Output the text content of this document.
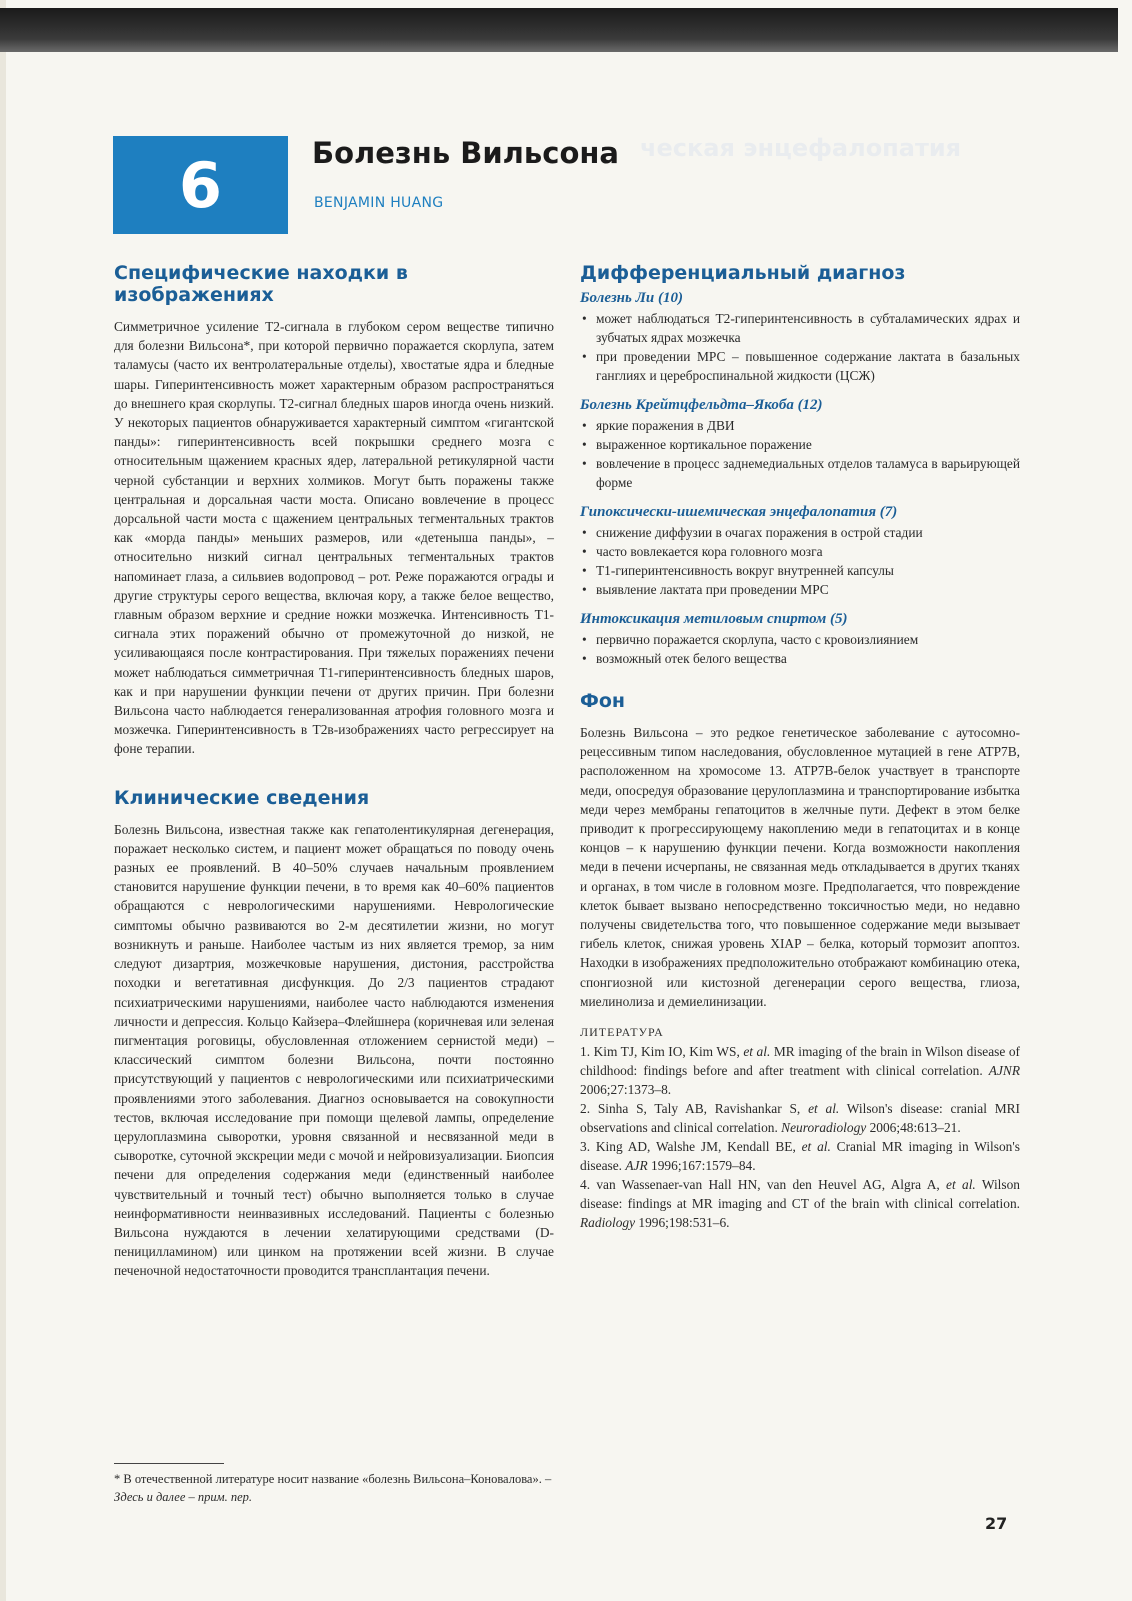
ческая энцефалопатия
6	Болезнь Вильсона
BENJAMIN HUANG
Специфические находки в изображениях

Симметричное усиление Т2-сигнала в глубоком сером веществе типично для болезни Вильсона*, при которой первично поражается скорлупа, затем таламусы (часто их вентролатеральные отделы), хвостатые ядра и бледные шары. Гиперинтенсивность может характерным образом распространяться до внешнего края скорлупы. Т2-сигнал бледных шаров иногда очень низкий. У некоторых пациентов обнаруживается характерный симптом «гигантской панды»: гиперинтенсивность всей покрышки среднего мозга с относительным щажением красных ядер, латеральной ретикулярной части черной субстанции и верхних холмиков. Могут быть поражены также центральная и дорсальная части моста. Описано вовлечение в процесс дорсальной части моста с щажением центральных тегментальных трактов как «морда панды» меньших размеров, или «детеныша панды», – относительно низкий сигнал центральных тегментальных трактов напоминает глаза, а сильвиев водопровод – рот. Реже поражаются ограды и другие структуры серого вещества, включая кору, а также белое вещество, главным образом верхние и средние ножки мозжечка. Интенсивность Т1-сигнала этих поражений обычно от промежуточной до низкой, не усиливающаяся после контрастирования. При тяжелых поражениях печени может наблюдаться симметричная Т1-гиперинтенсивность бледных шаров, как и при нарушении функции печени от других причин. При болезни Вильсона часто наблюдается генерализованная атрофия головного мозга и мозжечка. Гиперинтенсивность в Т2в-изображениях часто регрессирует на фоне терапии.

Клинические сведения

Болезнь Вильсона, известная также как гепатолентикулярная дегенерация, поражает несколько систем, и пациент может обращаться по поводу очень разных ее проявлений. В 40–50% случаев начальным проявлением становится нарушение функции печени, в то время как 40–60% пациентов обращаются с неврологическими нарушениями. Неврологические симптомы обычно развиваются во 2-м десятилетии жизни, но могут возникнуть и раньше. Наиболее частым из них является тремор, за ним следуют дизартрия, мозжечковые нарушения, дистония, расстройства походки и вегетативная дисфункция. До 2/3 пациентов страдают психиатрическими нарушениями, наиболее часто наблюдаются изменения личности и депрессия. Кольцо Кайзера–Флейшнера (коричневая или зеленая пигментация роговицы, обусловленная отложением сернистой меди) – классический симптом болезни Вильсона, почти постоянно присутствующий у пациентов с неврологическими или психиатрическими проявлениями этого заболевания. Диагноз основывается на совокупности тестов, включая исследование при помощи щелевой лампы, определение церулоплазмина сыворотки, уровня связанной и несвязанной меди в сыворотке, суточной экскреции меди с мочой и нейровизуализации. Биопсия печени для определения содержания меди (единственный наиболее чувствительный и точный тест) обычно выполняется только в случае неинформативности неинвазивных исследований. Пациенты с болезнью Вильсона нуждаются в лечении хелатирующими средствами (D-пеницилламином) или цинком на протяжении всей жизни. В случае печеночной недостаточности проводится трансплантация печени.

Дифференциальный диагноз
Болезнь Ли (10)
• может наблюдаться Т2-гиперинтенсивность в субталамических ядрах и зубчатых ядрах мозжечка
• при проведении МРС – повышенное содержание лактата в базальных ганглиях и цереброспинальной жидкости (ЦСЖ)
Болезнь Крейтцфельдта–Якоба (12)
• яркие поражения в ДВИ
• выраженное кортикальное поражение
• вовлечение в процесс заднемедиальных отделов таламуса в варьирующей форме
Гипоксически-ишемическая энцефалопатия (7)
• снижение диффузии в очагах поражения в острой стадии
• часто вовлекается кора головного мозга
• Т1-гиперинтенсивность вокруг внутренней капсулы
• выявление лактата при проведении МРС
Интоксикация метиловым спиртом (5)
• первично поражается скорлупа, часто с кровоизлиянием
• возможный отек белого вещества
Фон

Болезнь Вильсона – это редкое генетическое заболевание с аутосомно-рецессивным типом наследования, обусловленное мутацией в гене ATP7B, расположенном на хромосоме 13. АТР7В-белок участвует в транспорте меди, опосредуя образование церулоплазмина и транспортирование избытка меди через мембраны гепатоцитов в желчные пути. Дефект в этом белке приводит к прогрессирующему накоплению меди в гепатоцитах и в конце концов – к нарушению функции печени. Когда возможности накопления меди в печени исчерпаны, не связанная медь откладывается в других тканях и органах, в том числе в головном мозге. Предполагается, что повреждение клеток бывает вызвано непосредственно токсичностью меди, но недавно получены свидетельства того, что повышенное содержание меди вызывает гибель клеток, снижая уровень XIAP – белка, который тормозит апоптоз. Находки в изображениях предположительно отображают комбинацию отека, спонгиозной или кистозной дегенерации серого вещества, глиоза, миелинолиза и демиелинизации.

ЛИТЕРАТУРА

1. Kim TJ, Kim IO, Kim WS, et al. MR imaging of the brain in Wilson disease of childhood: findings before and after treatment with clinical correlation. AJNR 2006;27:1373–8.

2. Sinha S, Taly AB, Ravishankar S, et al. Wilson's disease: cranial MRI observations and clinical correlation. Neuroradiology 2006;48:613–21.

3. King AD, Walshe JM, Kendall BE, et al. Cranial MR imaging in Wilson's disease. AJR 1996;167:1579–84.

4. van Wassenaer-van Hall HN, van den Heuvel AG, Algra A, et al. Wilson disease: findings at MR imaging and CT of the brain with clinical correlation. Radiology 1996;198:531–6.

* В отечественной литературе носит название «болезнь Вильсона–Коновалова». – Здесь и далее – прим. пер.
27
